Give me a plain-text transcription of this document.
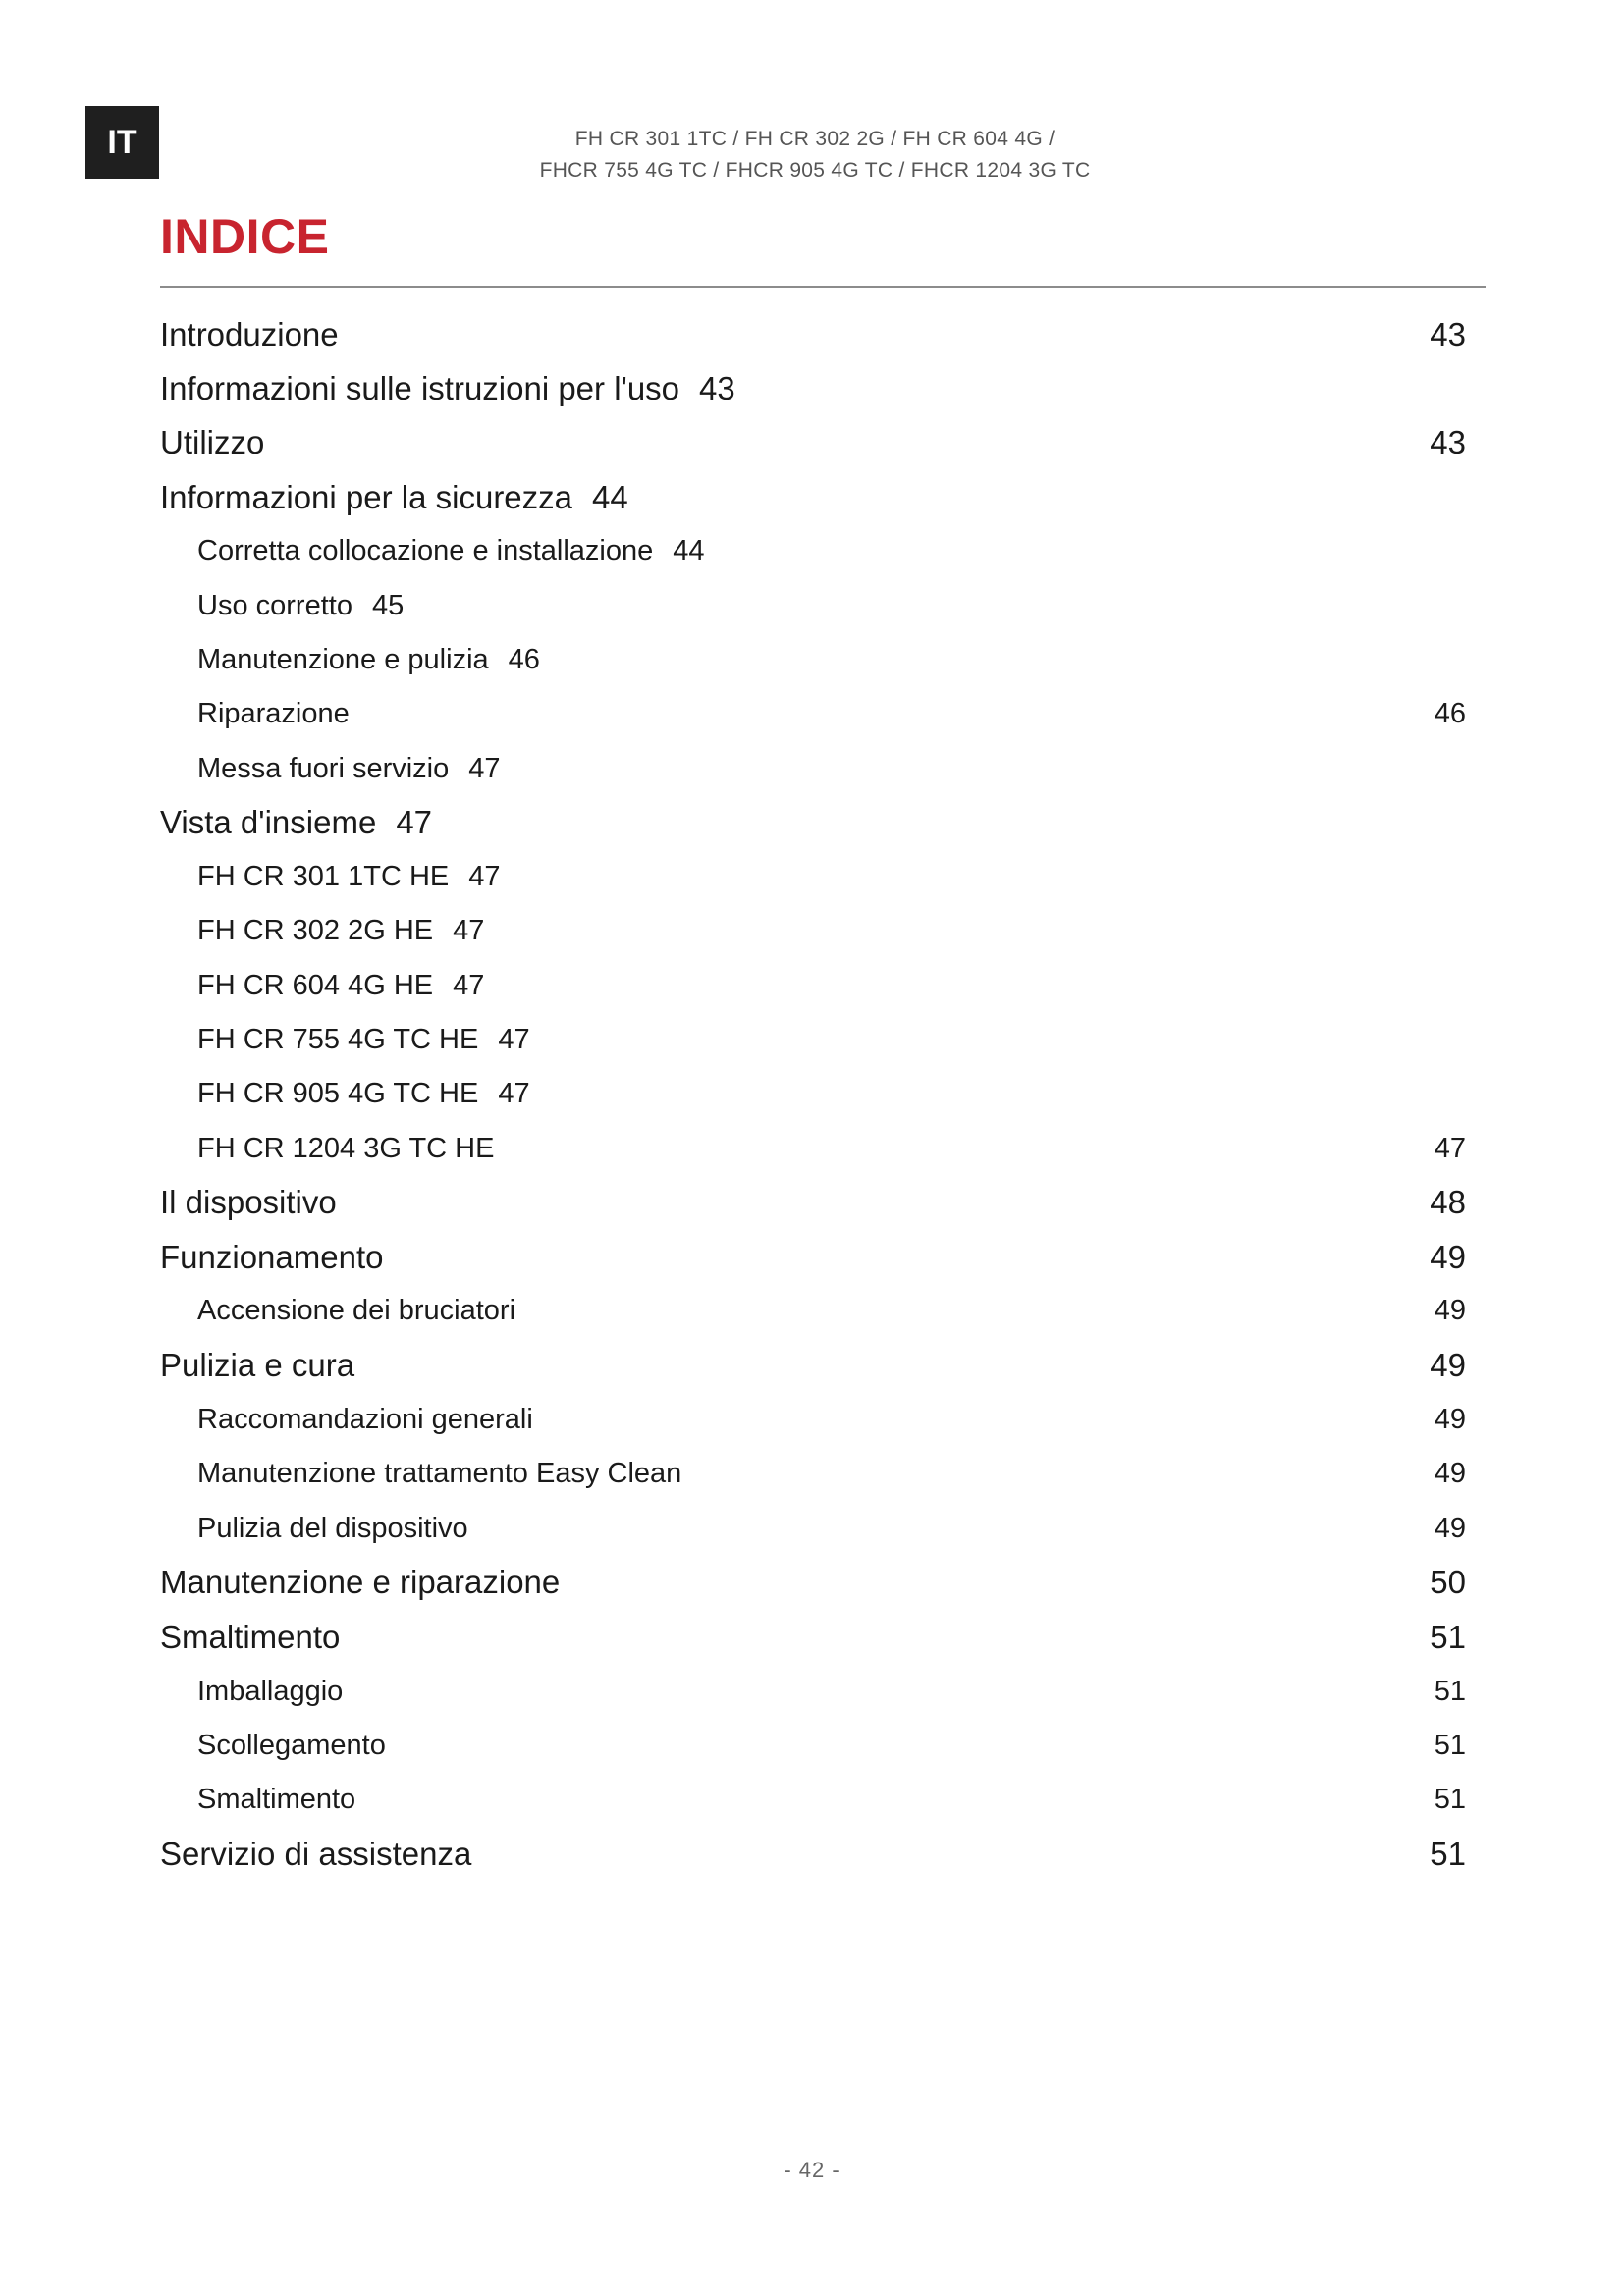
IT	FH CR 301 1TC / FH CR 302 2G / FH CR 604 4G /
FHCR 755 4G TC / FHCR 905 4G TC / FHCR 1204 3G TC
INDICE
Introduzione	43
Informazioni sulle istruzioni per l'uso 43
Utilizzo	43
Informazioni per la sicurezza 44
Corretta collocazione e installazione 44
Uso corretto 45
Manutenzione e pulizia 46
Riparazione	46
Messa fuori servizio 47
Vista d'insieme 47
FH CR 301 1TC HE 47
FH CR 302 2G HE 47
FH CR 604 4G HE 47
FH CR 755 4G TC HE 47
FH CR 905 4G TC HE 47
FH CR 1204 3G TC HE	47
Il dispositivo	48
Funzionamento	49
Accensione dei bruciatori	49
Pulizia e cura	49
Raccomandazioni generali	49
Manutenzione trattamento Easy Clean	49
Pulizia del dispositivo	49
Manutenzione e riparazione	50
Smaltimento	51
Imballaggio	51
Scollegamento	51
Smaltimento	51
Servizio di assistenza	51
- 42 -
